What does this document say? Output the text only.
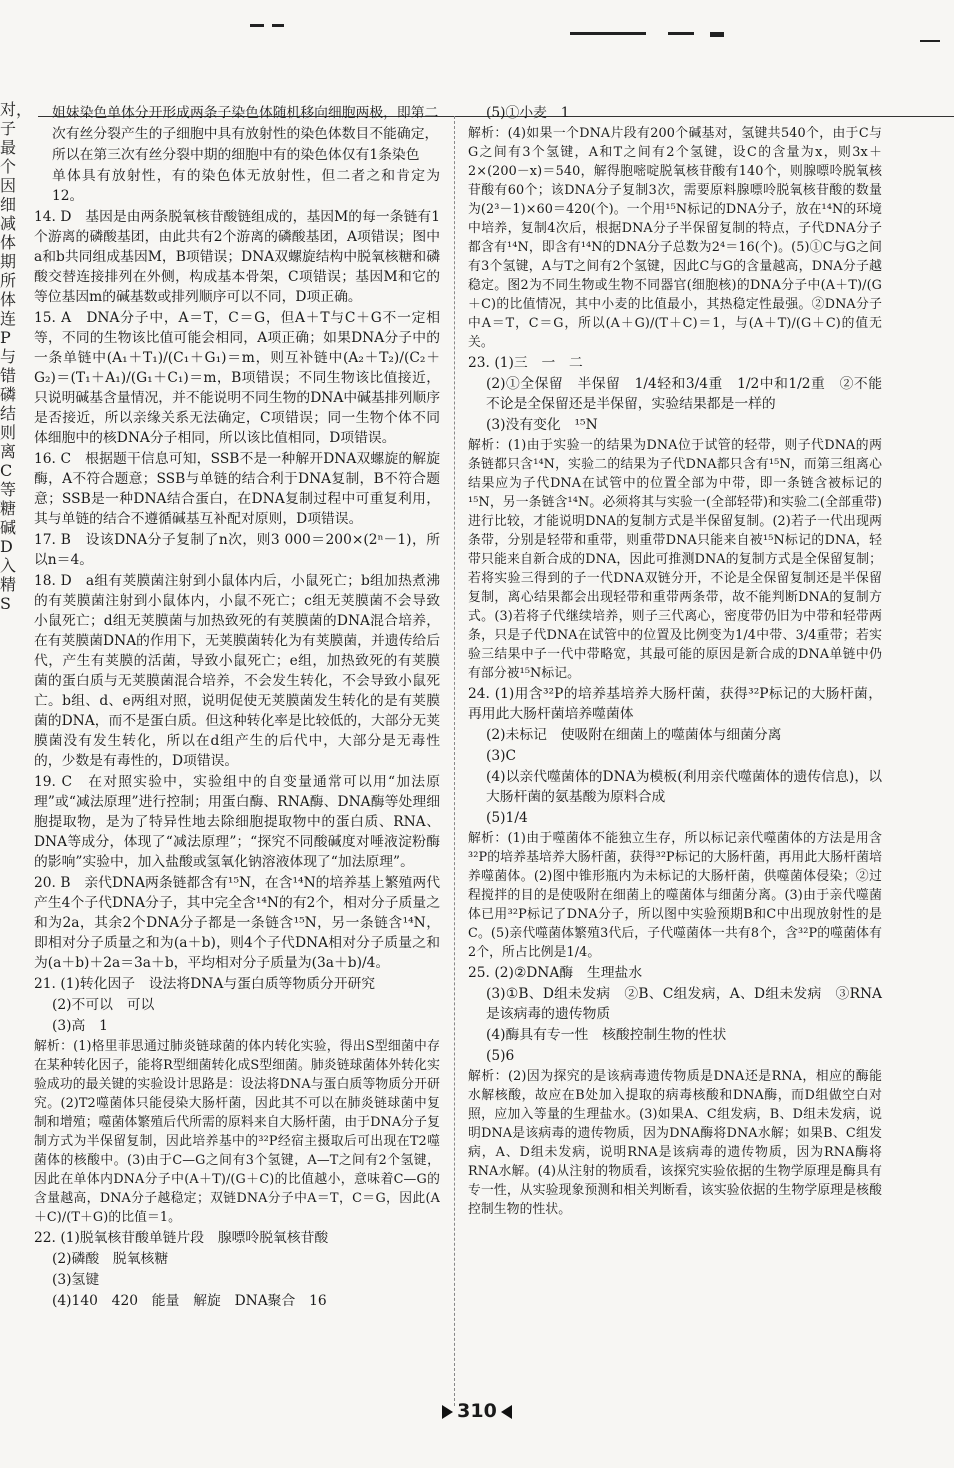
对，

子

最

个

因

细

减

体

期

所

体

连

P

与

错

磷

结

则

离

C

等

糖

碱

D

入

精

S

姐妹染色单体分开形成两条子染色体随机移向细胞两极，即第二

次有丝分裂产生的子细胞中具有放射性的染色体数目不能确定，

所以在第三次有丝分裂中期的细胞中有的染色体仅有1条染色

单体具有放射性，有的染色体无放射性，但二者之和肯定为12。

14. D　基因是由两条脱氧核苷酸链组成的，基因M的每一条链有1个游离的磷酸基团，由此共有2个游离的磷酸基团，A项错误；图中a和b共同组成基因M，B项错误；DNA双螺旋结构中脱氧核糖和磷酸交替连接排列在外侧，构成基本骨架，C项错误；基因M和它的等位基因m的碱基数或排列顺序可以不同，D项正确。

15. A　DNA分子中，A＝T，C＝G，但A＋T与C＋G不一定相等，不同的生物该比值可能会相同，A项正确；如果DNA分子中的一条单链中(A₁＋T₁)/(C₁＋G₁)＝m，则互补链中(A₂＋T₂)/(C₂＋G₂)＝(T₁＋A₁)/(G₁＋C₁)＝m，B项错误；不同生物该比值接近，只说明碱基含量情况，并不能说明不同生物的DNA中碱基排列顺序是否接近，所以亲缘关系无法确定，C项错误；同一生物个体不同体细胞中的核DNA分子相同，所以该比值相同，D项错误。

16. C　根据题干信息可知，SSB不是一种解开DNA双螺旋的解旋酶，A不符合题意；SSB与单链的结合利于DNA复制，B不符合题意；SSB是一种DNA结合蛋白，在DNA复制过程中可重复利用，其与单链的结合不遵循碱基互补配对原则，D项错误。

17. B　设该DNA分子复制了n次，则3 000＝200×(2ⁿ－1)，所以n＝4。

18. D　a组有荚膜菌注射到小鼠体内后，小鼠死亡；b组加热煮沸的有荚膜菌注射到小鼠体内，小鼠不死亡；c组无荚膜菌不会导致小鼠死亡；d组无荚膜菌与加热致死的有荚膜菌的DNA混合培养，在有荚膜菌DNA的作用下，无荚膜菌转化为有荚膜菌，并遗传给后代，产生有荚膜的活菌，导致小鼠死亡；e组，加热致死的有荚膜菌的蛋白质与无荚膜菌混合培养，不会发生转化，不会导致小鼠死亡。b组、d、e两组对照，说明促使无荚膜菌发生转化的是有荚膜菌的DNA，而不是蛋白质。但这种转化率是比较低的，大部分无荚膜菌没有发生转化，所以在d组产生的后代中，大部分是无毒性的，少数是有毒性的，D项错误。

19. C　在对照实验中，实验组中的自变量通常可以用“加法原理”或“减法原理”进行控制；用蛋白酶、RNA酶、DNA酶等处理细胞提取物，是为了特异性地去除细胞提取物中的蛋白质、RNA、DNA等成分，体现了“减法原理”；“探究不同酸碱度对唾液淀粉酶的影响”实验中，加入盐酸或氢氧化钠溶液体现了“加法原理”。

20. B　亲代DNA两条链都含有¹⁵N，在含¹⁴N的培养基上繁殖两代产生4个子代DNA分子，其中完全含¹⁴N的有2个，相对分子质量之和为2a，其余2个DNA分子都是一条链含¹⁵N，另一条链含¹⁴N，即相对分子质量之和为(a＋b)，则4个子代DNA相对分子质量之和为(a＋b)＋2a＝3a＋b，平均相对分子质量为(3a＋b)/4。

21. (1)转化因子　设法将DNA与蛋白质等物质分开研究

(2)不可以　可以

(3)高　1

解析：(1)格里菲思通过肺炎链球菌的体内转化实验，得出S型细菌中存在某种转化因子，能将R型细菌转化成S型细菌。肺炎链球菌体外转化实验成功的最关键的实验设计思路是：设法将DNA与蛋白质等物质分开研究。(2)T2噬菌体只能侵染大肠杆菌，因此其不可以在肺炎链球菌中复制和增殖；噬菌体繁殖后代所需的原料来自大肠杆菌，由于DNA分子复制方式为半保留复制，因此培养基中的³²P经宿主摄取后可出现在T2噬菌体的核酸中。(3)由于C—G之间有3个氢键，A—T之间有2个氢键，因此在单体内DNA分子中(A＋T)/(G＋C)的比值越小，意味着C—G的含量越高，DNA分子越稳定；双链DNA分子中A＝T，C＝G，因此(A＋C)/(T＋G)的比值＝1。

22. (1)脱氧核苷酸单链片段　腺嘌呤脱氧核苷酸

(2)磷酸　脱氧核糖

(3)氢键

(4)140　420　能量　解旋　DNA聚合　16

(5)①小麦　1

解析：(4)如果一个DNA片段有200个碱基对，氢键共540个，由于C与G之间有3个氢键，A和T之间有2个氢键，设C的含量为x，则3x＋2×(200－x)＝540，解得胞嘧啶脱氧核苷酸有140个，则腺嘌呤脱氧核苷酸有60个；该DNA分子复制3次，需要原料腺嘌呤脱氧核苷酸的数量为(2³－1)×60＝420(个)。一个用¹⁵N标记的DNA分子，放在¹⁴N的环境中培养，复制4次后，根据DNA分子半保留复制的特点，子代DNA分子都含有¹⁴N，即含有¹⁴N的DNA分子总数为2⁴＝16(个)。(5)①C与G之间有3个氢键，A与T之间有2个氢键，因此C与G的含量越高，DNA分子越稳定。图2为不同生物或生物不同器官(细胞核)的DNA分子中(A＋T)/(G＋C)的比值情况，其中小麦的比值最小，其热稳定性最强。②DNA分子中A＝T，C＝G，所以(A＋G)/(T＋C)＝1，与(A＋T)/(G＋C)的值无关。

23. (1)三　一　二

(2)①全保留　半保留　1/4轻和3/4重　1/2中和1/2重　②不能　不论是全保留还是半保留，实验结果都是一样的

(3)没有变化　¹⁵N

解析：(1)由于实验一的结果为DNA位于试管的轻带，则子代DNA的两条链都只含¹⁴N，实验二的结果为子代DNA都只含有¹⁵N，而第三组离心结果应为子代DNA在试管中的位置全部为中带，即一条链含被标记的¹⁵N，另一条链含¹⁴N。必须将其与实验一(全部轻带)和实验二(全部重带)进行比较，才能说明DNA的复制方式是半保留复制。(2)若子一代出现两条带，分别是轻带和重带，则重带DNA只能来自被¹⁵N标记的DNA，轻带只能来自新合成的DNA，因此可推测DNA的复制方式是全保留复制；若将实验三得到的子一代DNA双链分开，不论是全保留复制还是半保留复制，离心结果都会出现轻带和重带两条带，故不能判断DNA的复制方式。(3)若将子代继续培养，则子三代离心，密度带仍旧为中带和轻带两条，只是子代DNA在试管中的位置及比例变为1/4中带、3/4重带；若实验三结果中子一代中带略宽，其最可能的原因是新合成的DNA单链中仍有部分被¹⁵N标记。

24. (1)用含³²P的培养基培养大肠杆菌，获得³²P标记的大肠杆菌，再用此大肠杆菌培养噬菌体

(2)未标记　使吸附在细菌上的噬菌体与细菌分离

(3)C

(4)以亲代噬菌体的DNA为模板(利用亲代噬菌体的遗传信息)，以大肠杆菌的氨基酸为原料合成

(5)1/4

解析：(1)由于噬菌体不能独立生存，所以标记亲代噬菌体的方法是用含³²P的培养基培养大肠杆菌，获得³²P标记的大肠杆菌，再用此大肠杆菌培养噬菌体。(2)图中锥形瓶内为未标记的大肠杆菌，供噬菌体侵染；②过程搅拌的目的是使吸附在细菌上的噬菌体与细菌分离。(3)由于亲代噬菌体已用³²P标记了DNA分子，所以图中实验预期B和C中出现放射性的是C。(5)亲代噬菌体繁殖3代后，子代噬菌体一共有8个，含³²P的噬菌体有2个，所占比例是1/4。

25. (2)②DNA酶　生理盐水

(3)①B、D组未发病　②B、C组发病，A、D组未发病　③RNA是该病毒的遗传物质

(4)酶具有专一性　核酸控制生物的性状

(5)6

解析：(2)因为探究的是该病毒遗传物质是DNA还是RNA，相应的酶能水解核酸，故应在B处加入提取的病毒核酸和DNA酶，而D组做空白对照，应加入等量的生理盐水。(3)如果A、C组发病，B、D组未发病，说明DNA是该病毒的遗传物质，因为DNA酶将DNA水解；如果B、C组发病，A、D组未发病，说明RNA是该病毒的遗传物质，因为RNA酶将RNA水解。(4)从注射的物质看，该探究实验依据的生物学原理是酶具有专一性，从实验现象预测和相关判断看，该实验依据的生物学原理是核酸控制生物的性状。

310
